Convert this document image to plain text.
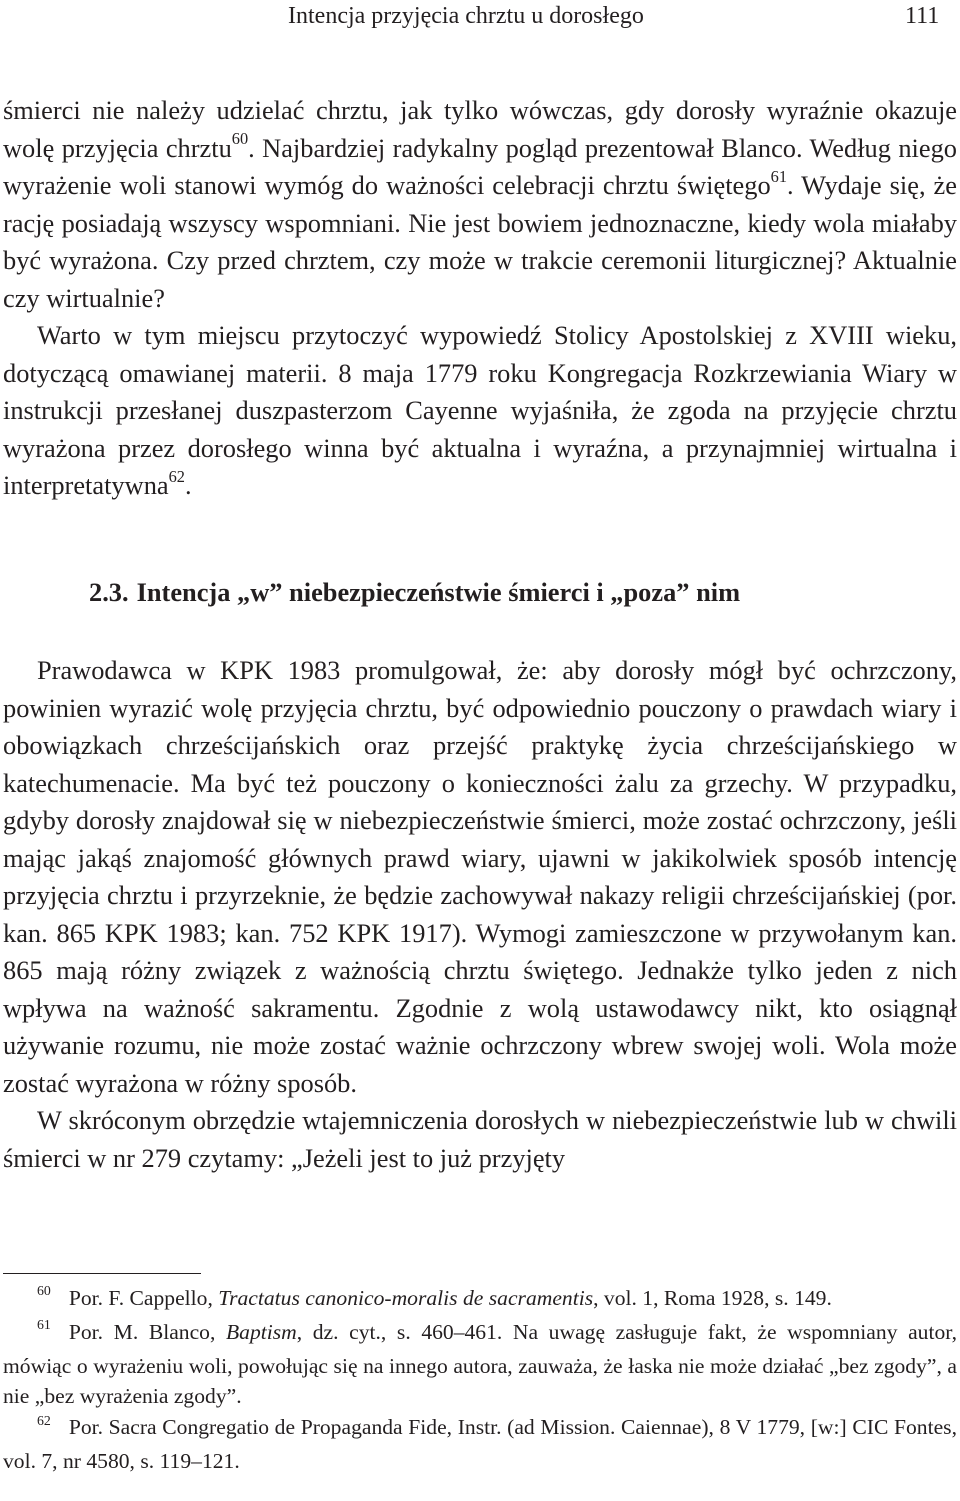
Intencja przyjęcia chrztu u dorosłego	111

śmierci nie należy udzielać chrztu, jak tylko wówczas, gdy dorosły wyraźnie okazuje wolę przyjęcia chrztu$^{60}$. Najbardziej radykalny pogląd prezentował Blanco. Według niego wyrażenie woli stanowi wymóg do ważności celebracji chrztu świętego$^{61}$. Wydaje się, że rację posiadają wszyscy wspomniani. Nie jest bowiem jednoznaczne, kiedy wola miałaby być wyrażona. Czy przed chrztem, czy może w trakcie ceremonii liturgicznej? Aktualnie czy wirtualnie?

Warto w tym miejscu przytoczyć wypowiedź Stolicy Apostolskiej z XVIII wieku, dotyczącą omawianej materii. 8 maja 1779 roku Kongregacja Rozkrzewiania Wiary w instrukcji przesłanej duszpasterzom Cayenne wyjaśniła, że zgoda na przyjęcie chrztu wyrażona przez dorosłego winna być aktualna i wyraźna, a przynajmniej wirtualna i interpretatywna$^{62}$.

2.3. Intencja „w” niebezpieczeństwie śmierci i „poza” nim

Prawodawca w KPK 1983 promulgował, że: aby dorosły mógł być ochrzczony, powinien wyrazić wolę przyjęcia chrztu, być odpowiednio pouczony o prawdach wiary i obowiązkach chrześcijańskich oraz przejść praktykę życia chrześcijańskiego w katechumenacie. Ma być też pouczony o konieczności żalu za grzechy. W przypadku, gdyby dorosły znajdował się w niebezpieczeństwie śmierci, może zostać ochrzczony, jeśli mając jakąś znajomość głównych prawd wiary, ujawni w jakikolwiek sposób intencję przyjęcia chrztu i przyrzeknie, że będzie zachowywał nakazy religii chrześcijańskiej (por. kan. 865 KPK 1983; kan. 752 KPK 1917). Wymogi zamieszczone w przywołanym kan. 865 mają różny związek z ważnością chrztu świętego. Jednakże tylko jeden z nich wpływa na ważność sakramentu. Zgodnie z wolą ustawodawcy nikt, kto osiągnął używanie rozumu, nie może zostać ważnie ochrzczony wbrew swojej woli. Wola może zostać wyrażona w różny sposób.

W skróconym obrzędzie wtajemniczenia dorosłych w niebezpieczeństwie lub w chwili śmierci w nr 279 czytamy: „Jeżeli jest to już przyjęty

$^{60}$ Por. F. Cappello, Tractatus canonico-moralis de sacramentis, vol. 1, Roma 1928, s. 149.

$^{61}$ Por. M. Blanco, Baptism, dz. cyt., s. 460–461. Na uwagę zasługuje fakt, że wspomniany autor, mówiąc o wyrażeniu woli, powołując się na innego autora, zauważa, że łaska nie może działać „bez zgody”, a nie „bez wyrażenia zgody”.

$^{62}$ Por. Sacra Congregatio de Propaganda Fide, Instr. (ad Mission. Caiennae), 8 V 1779, [w:] CIC Fontes, vol. 7, nr 4580, s. 119–121.
